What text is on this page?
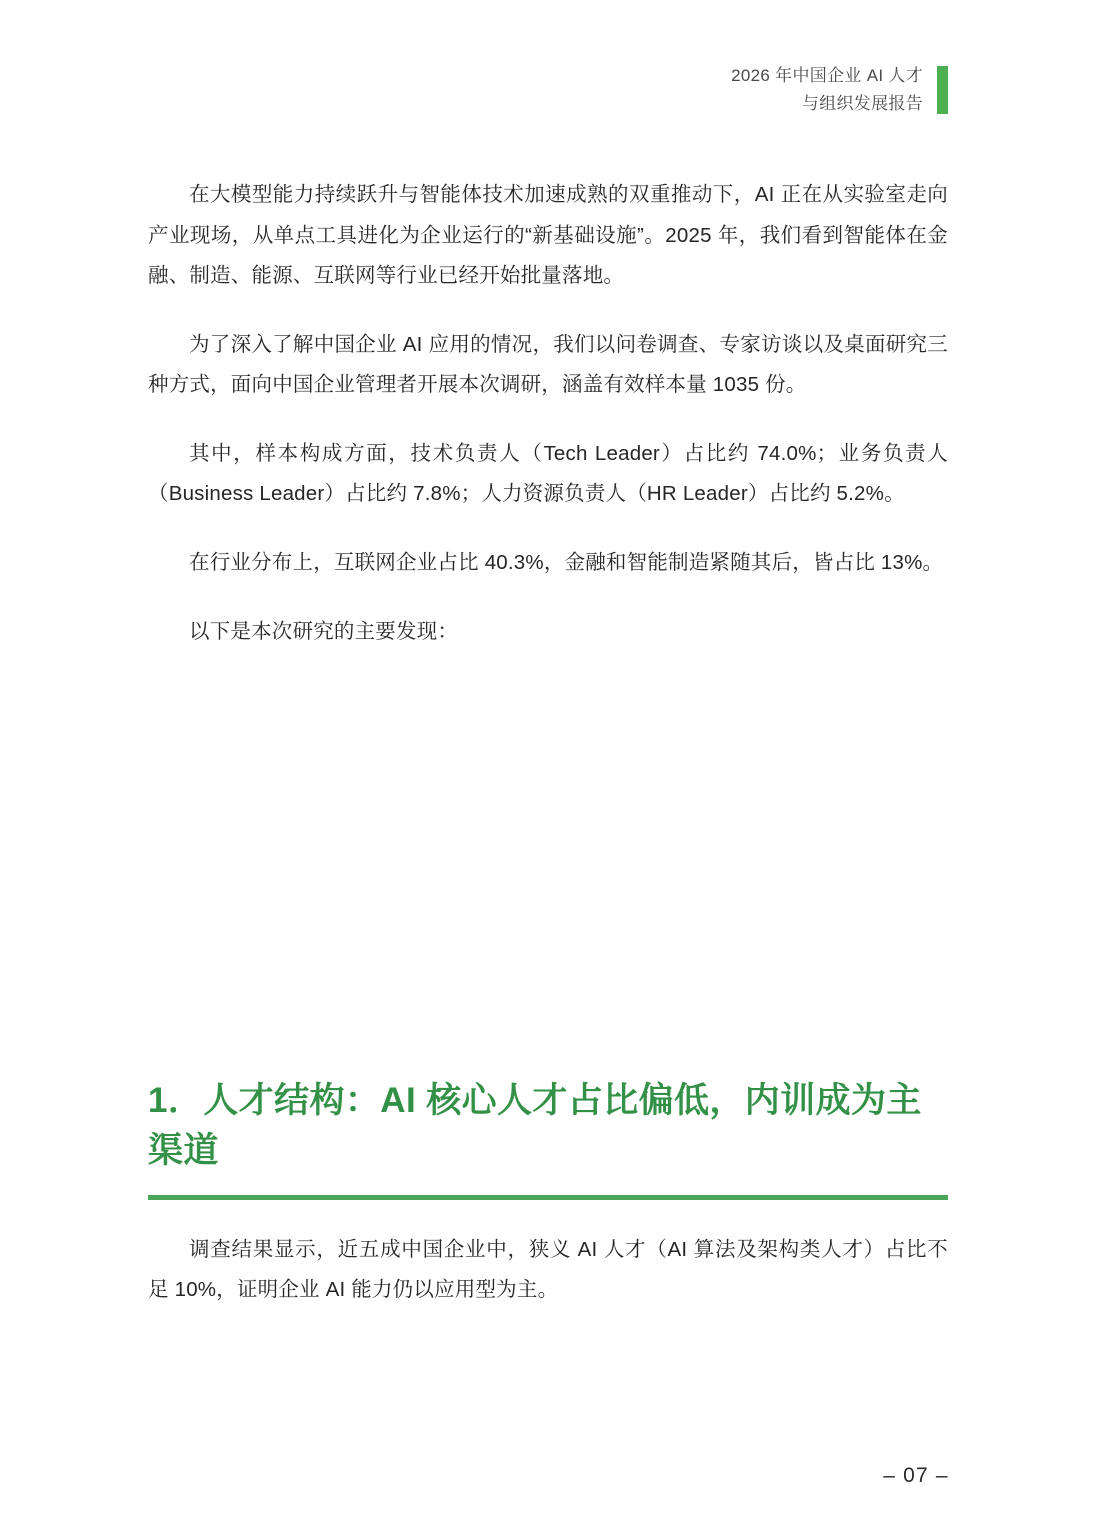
2026 年中国企业 AI 人才
与组织发展报告

在大模型能力持续跃升与智能体技术加速成熟的双重推动下，AI 正在从实验室走向产业现场，从单点工具进化为企业运行的“新基础设施”。2025 年，我们看到智能体在金融、制造、能源、互联网等行业已经开始批量落地。

为了深入了解中国企业 AI 应用的情况，我们以问卷调查、专家访谈以及桌面研究三种方式，面向中国企业管理者开展本次调研，涵盖有效样本量 1035 份。

其中，样本构成方面，技术负责人（Tech Leader）占比约 74.0%；业务负责人（Business Leader）占比约 7.8%；人力资源负责人（HR Leader）占比约 5.2%。

在行业分布上，互联网企业占比 40.3%，金融和智能制造紧随其后，皆占比 13%。

以下是本次研究的主要发现：

1．人才结构：AI 核心人才占比偏低，内训成为主渠道

调查结果显示，近五成中国企业中，狭义 AI 人才（AI 算法及架构类人才）占比不足 10%，证明企业 AI 能力仍以应用型为主。

– 07 –
